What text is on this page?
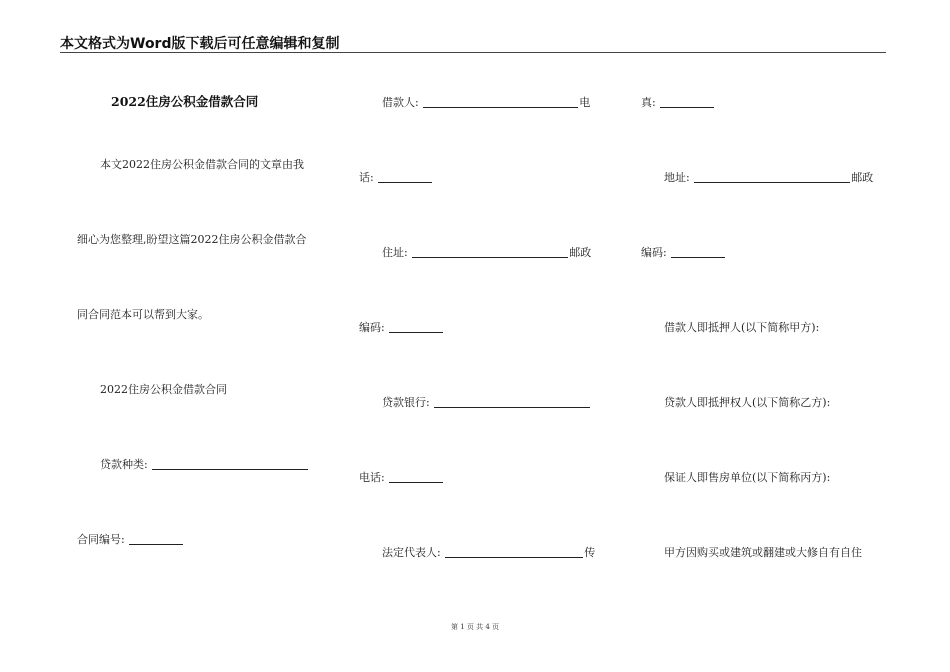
本文格式为Word版下载后可任意编辑和复制
2022住房公积金借款合同
本文2022住房公积金借款合同的文章由我
细心为您整理,盼望这篇2022住房公积金借款合
同合同范本可以帮到大家。
2022住房公积金借款合同
贷款种类:
合同编号:
借款人:	电
话:
住址:	邮政
编码:
贷款银行:
电话:
法定代表人:	传
真:
地址:	邮政
编码:
借款人即抵押人(以下简称甲方):
贷款人即抵押权人(以下简称乙方):
保证人即售房单位(以下简称丙方):
甲方因购买或建筑或翻建或大修自有自住
第 1 页 共 4 页
